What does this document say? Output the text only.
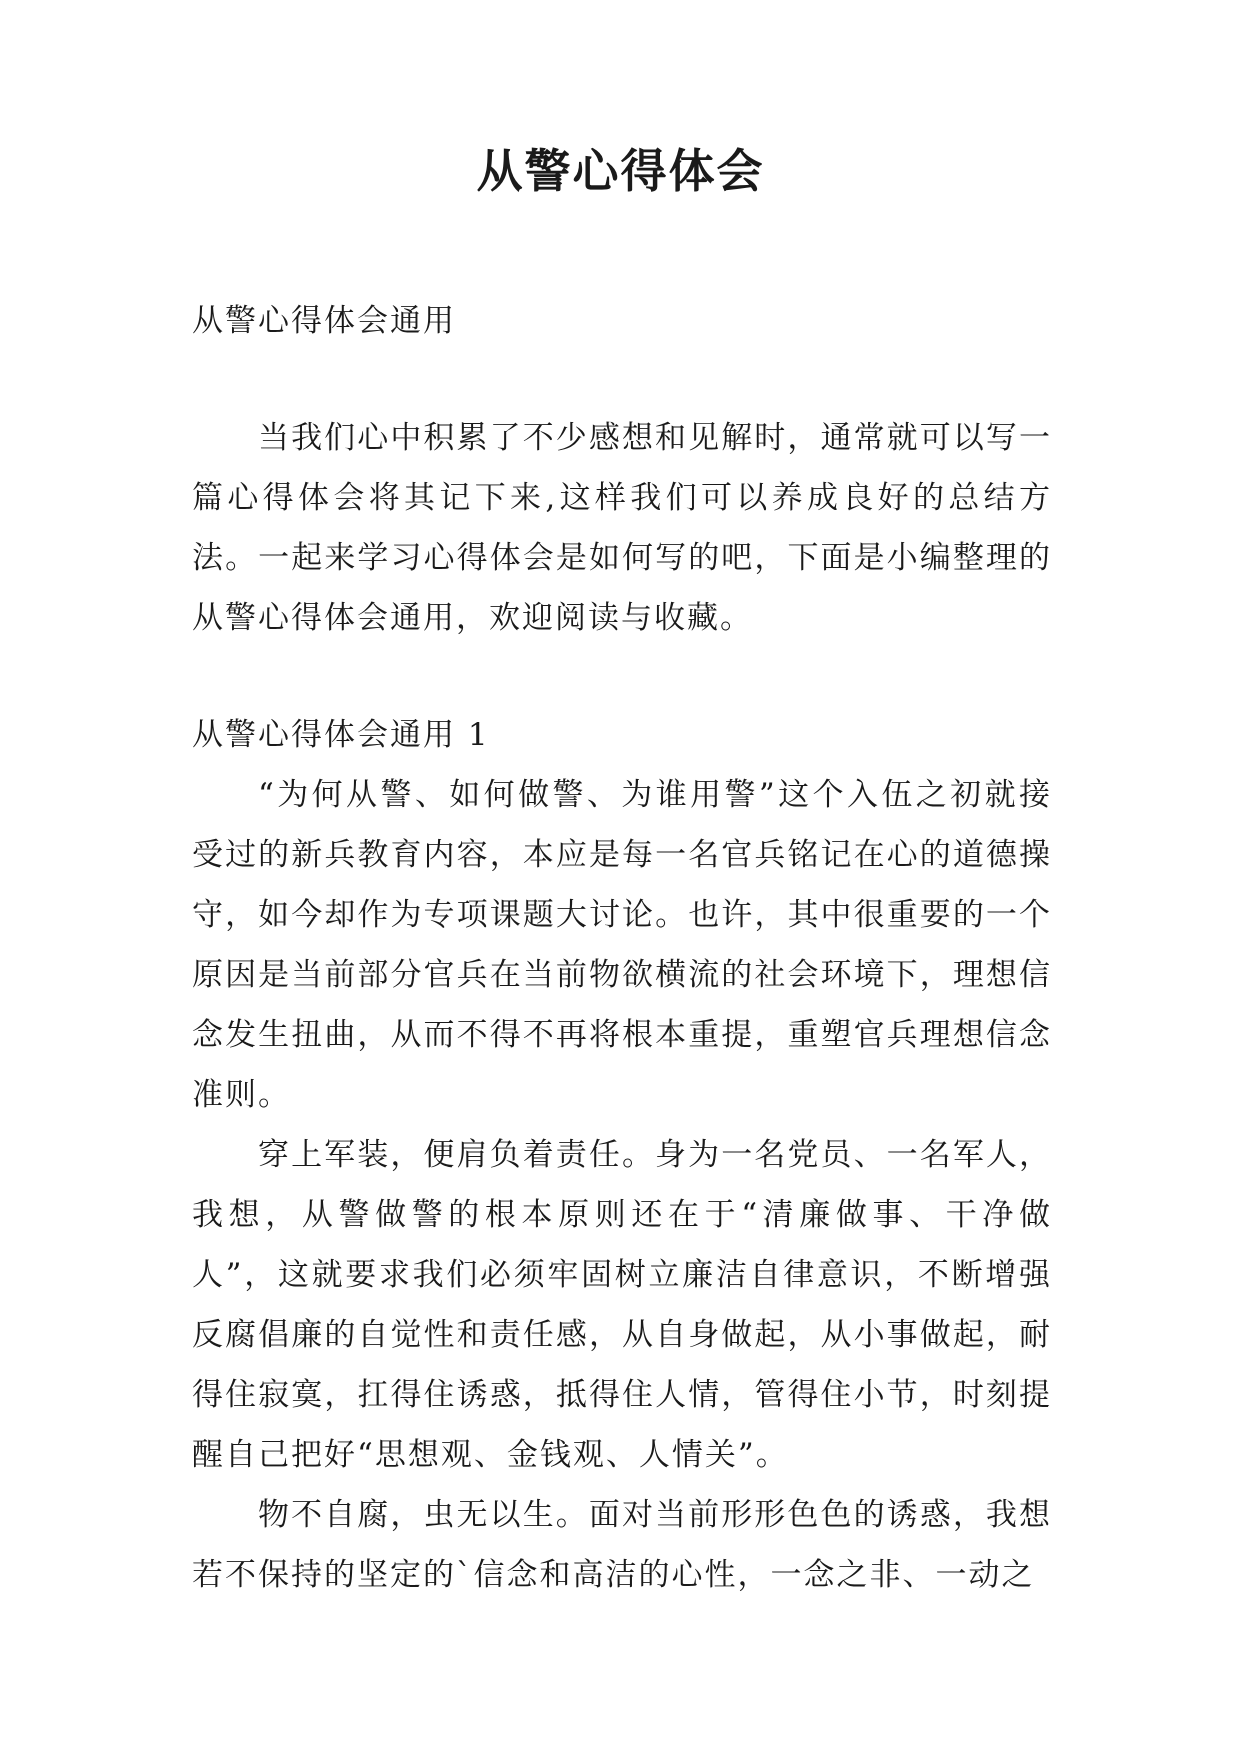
从警心得体会

从警心得体会通用

当我们心中积累了不少感想和见解时，通常就可以写一篇心得体会将其记下来,这样我们可以养成良好的总结方法。一起来学习心得体会是如何写的吧，下面是小编整理的从警心得体会通用，欢迎阅读与收藏。

从警心得体会通用 1

“为何从警、如何做警、为谁用警”这个入伍之初就接受过的新兵教育内容，本应是每一名官兵铭记在心的道德操守，如今却作为专项课题大讨论。也许，其中很重要的一个原因是当前部分官兵在当前物欲横流的社会环境下，理想信念发生扭曲，从而不得不再将根本重提，重塑官兵理想信念准则。

穿上军装，便肩负着责任。身为一名党员、一名军人，我想，从警做警的根本原则还在于“清廉做事、干净做人”，这就要求我们必须牢固树立廉洁自律意识，不断增强反腐倡廉的自觉性和责任感，从自身做起，从小事做起，耐得住寂寞，扛得住诱惑，抵得住人情，管得住小节，时刻提醒自己把好“思想观、金钱观、人情关”。

物不自腐，虫无以生。面对当前形形色色的诱惑，我想若不保持的坚定的`信念和高洁的心性，一念之非、一动之
